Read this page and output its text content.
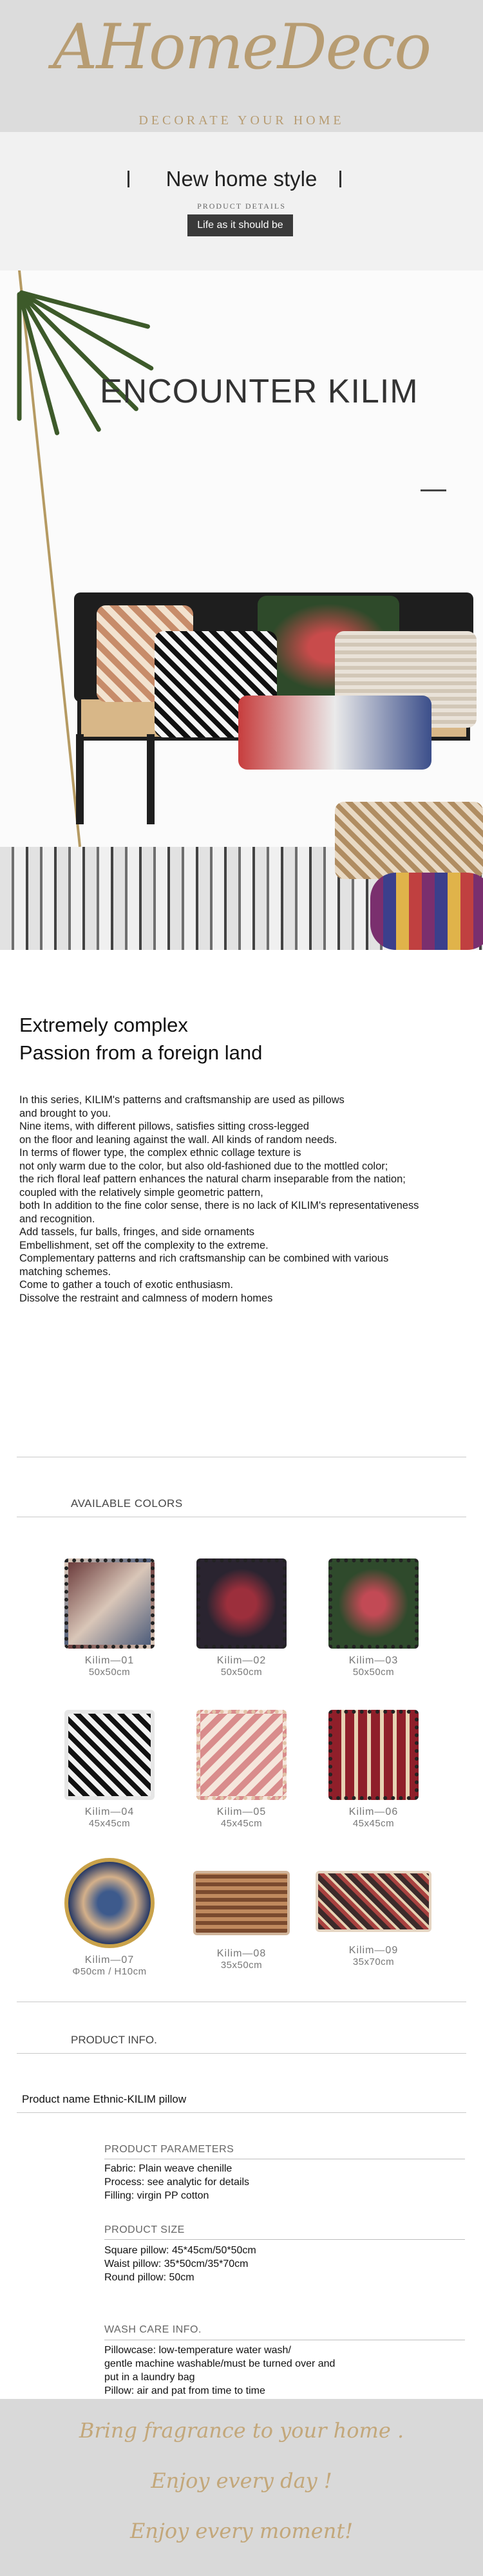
AHomeDeco
DECORATE YOUR HOME
New home style
PRODUCT DETAILS
Life as it should be
ENCOUNTER KILIM
Extremely complex
Passion from a foreign land
In this series, KILIM's patterns and craftsmanship are used as pillows
and brought to you.
Nine items, with different pillows, satisfies sitting cross-legged
on the floor and leaning against the wall. All kinds of random needs.
In terms of flower type, the complex ethnic collage texture is
not only warm due to the color, but also old-fashioned due to the mottled color;
the rich floral leaf pattern enhances the natural charm inseparable from the nation;
coupled with the relatively simple geometric pattern,
both In addition to the fine color sense, there is no lack of KILIM's representativeness
and recognition.
Add tassels, fur balls, fringes, and side ornaments
Embellishment, set off the complexity to the extreme.
Complementary patterns and rich craftsmanship can be combined with various
matching schemes.
Come to gather a touch of exotic enthusiasm.
Dissolve the restraint and calmness of modern homes
AVAILABLE COLORS
Kilim—01
50x50cm
Kilim—02
50x50cm
Kilim—03
50x50cm
Kilim—04
45x45cm
Kilim—05
45x45cm
Kilim—06
45x45cm
Kilim—07
Φ50cm / H10cm
Kilim—08
35x50cm
Kilim—09
35x70cm
PRODUCT INFO.
Product name Ethnic-KILIM pillow
PRODUCT PARAMETERS
Fabric: Plain weave chenille
Process: see analytic for details
Filling: virgin PP cotton
PRODUCT SIZE
Square pillow: 45*45cm/50*50cm
Waist pillow: 35*50cm/35*70cm
Round pillow: 50cm
WASH CARE INFO.
Pillowcase: low-temperature water wash/
gentle machine washable/must be turned over and
put in a laundry bag
Pillow: air and pat from time to time
Bring fragrance to your home .
Enjoy every day !
Enjoy every moment!
